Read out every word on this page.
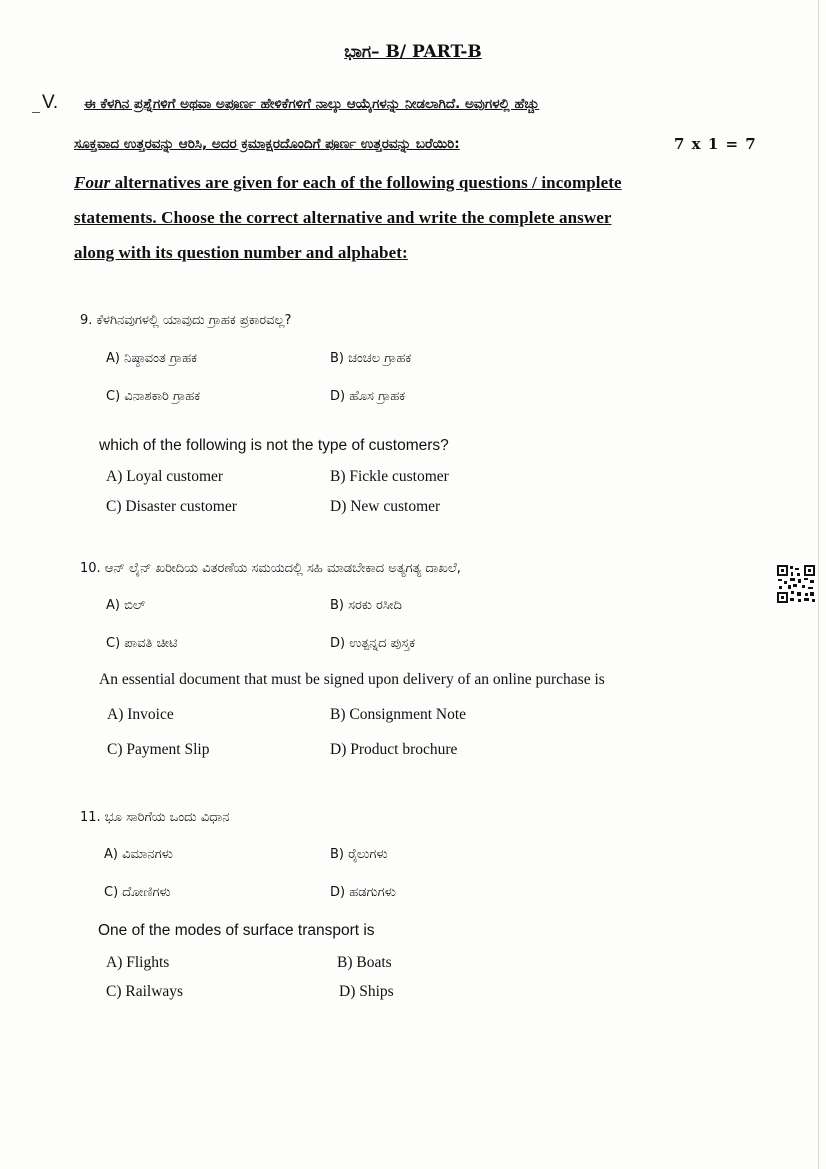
ಭಾಗ– B/ PART-B
V. ಈ ಕೆಳಗಿನ ಪ್ರಶ್ನೆಗಳಿಗೆ ಅಥವಾ ಅಪೂರ್ಣ ಹೇಳಿಕೆಗಳಿಗೆ ನಾಲ್ಕು ಆಯ್ಕೆಗಳನ್ನು ನೀಡಲಾಗಿದೆ. ಅವುಗಳಲ್ಲಿ ಹೆಚ್ಚು
ಸೂಕ್ತವಾದ ಉತ್ತರವನ್ನು ಆರಿಸಿ, ಅದರ ಕ್ರಮಾಕ್ಷರದೊಂದಿಗೆ ಪೂರ್ಣ ಉತ್ತರವನ್ನು ಬರೆಯಿರಿ:	7 x 1 = 7
Four alternatives are given for each of the following questions / incomplete
statements. Choose the correct alternative and write the complete answer
along with its question number and alphabet:
9. ಕೆಳಗಿನವುಗಳಲ್ಲಿ ಯಾವುದು ಗ್ರಾಹಕ ಪ್ರಕಾರವಲ್ಲ?
A) ನಿಷ್ಠಾವಂತ ಗ್ರಾಹಕ	B) ಚಂಚಲ ಗ್ರಾಹಕ
C) ವಿನಾಶಕಾರಿ ಗ್ರಾಹಕ	D) ಹೊಸ ಗ್ರಾಹಕ
which of the following is not the type of customers?
A) Loyal customer	B) Fickle customer
C) Disaster customer	D) New customer
10. ಆನ್ ಲೈನ್ ಖರೀದಿಯ ವಿತರಣೆಯ ಸಮಯದಲ್ಲಿ ಸಹಿ ಮಾಡಬೇಕಾದ ಅತ್ಯಗತ್ಯ ದಾಖಲೆ,
A) ಬಿಲ್	B) ಸರಕು ರಸೀದಿ
C) ಪಾವತಿ ಚೀಟಿ	D) ಉತ್ಪನ್ನದ ಪುಸ್ತಕ
An essential document that must be signed upon delivery of an online purchase is
A) Invoice	B) Consignment Note
C) Payment Slip	D) Product brochure
11. ಭೂ ಸಾರಿಗೆಯ ಒಂದು ವಿಧಾನ
A) ವಿಮಾನಗಳು	B) ರೈಲುಗಳು
C) ದೋಣಿಗಳು	D) ಹಡಗುಗಳು
One of the modes of surface transport is
A) Flights	B) Boats
C) Railways	D) Ships
